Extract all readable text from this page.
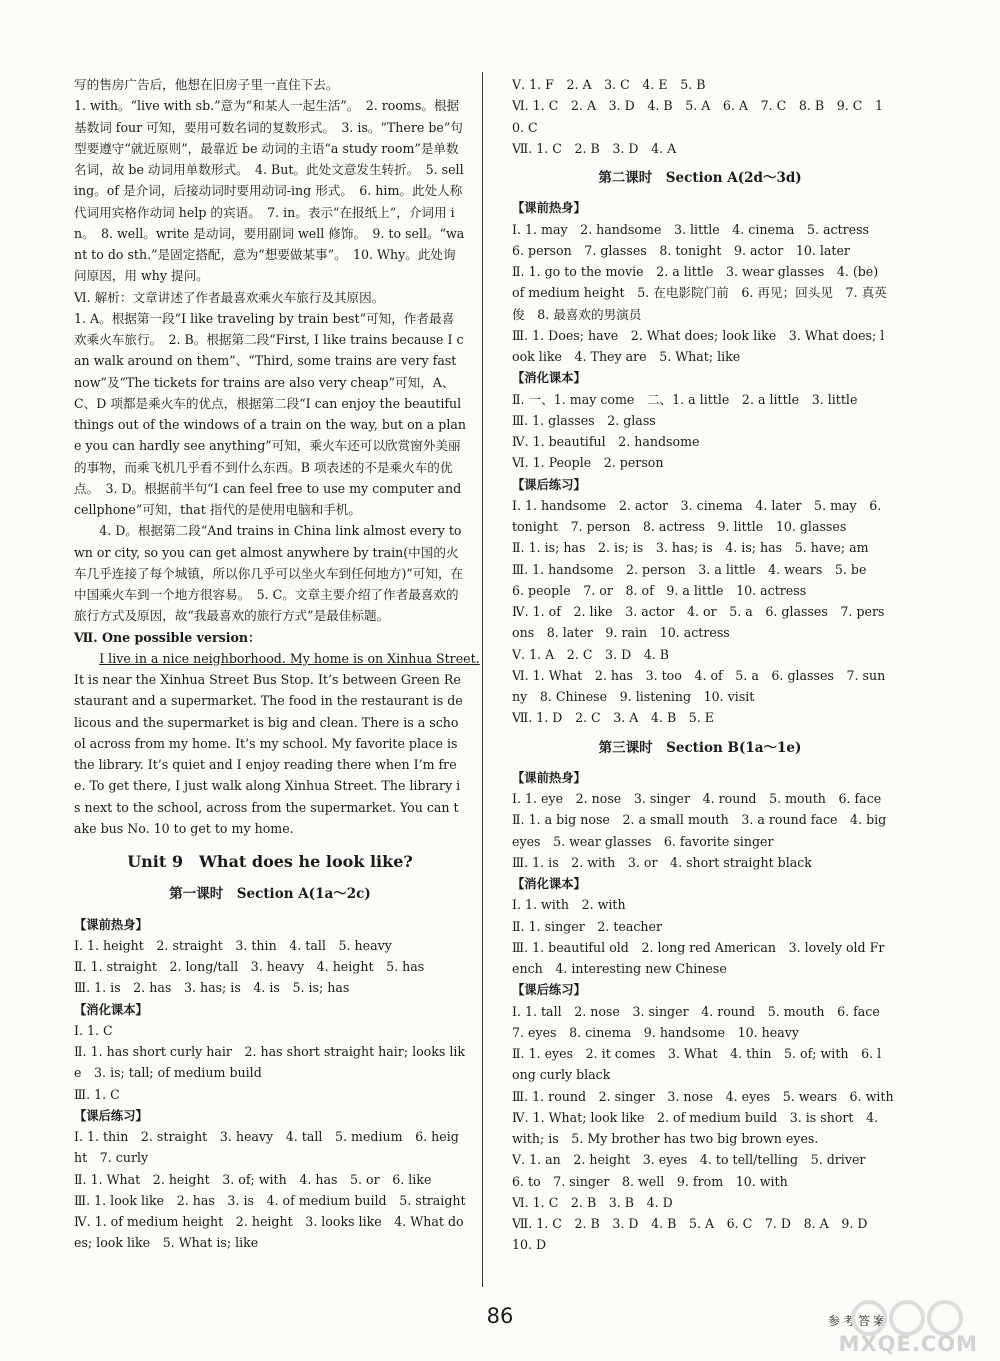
写的售房广告后，他想在旧房子里一直住下去。

1. with。“live with sb.”意为“和某人一起生活”。　2. rooms。根据基数词 four 可知，要用可数名词的复数形式。　3. is。“There be”句型要遵守“就近原则”，最靠近 be 动词的主语“a study room”是单数名词，故 be 动词用单数形式。　4. But。此处文意发生转折。　5. selling。of 是介词，后接动词时要用动词-ing 形式。　6. him。此处人称代词用宾格作动词 help 的宾语。　7. in。表示“在报纸上”，介词用 in。　8. well。write 是动词，要用副词 well 修饰。　9. to sell。“want to do sth.”是固定搭配，意为“想要做某事”。　10. Why。此处询问原因，用 why 提问。

Ⅵ. 解析：文章讲述了作者最喜欢乘火车旅行及其原因。

1. A。根据第一段“I like traveling by train best”可知，作者最喜欢乘火车旅行。　2. B。根据第二段“First, I like trains because I can walk around on them”、“Third, some trains are very fast now”及“The tickets for trains are also very cheap”可知，A、C、D 项都是乘火车的优点，根据第二段“I can enjoy the beautiful things out of the windows of a train on the way, but on a plane you can hardly see anything”可知，乘火车还可以欣赏窗外美丽的事物，而乘飞机几乎看不到什么东西。B 项表述的不是乘火车的优点。　3. D。根据前半句“I can feel free to use my computer and cellphone”可知，that 指代的是使用电脑和手机。

4. D。根据第二段“And trains in China link almost every town or city, so you can get almost anywhere by train(中国的火车几乎连接了每个城镇，所以你几乎可以坐火车到任何地方)”可知，在中国乘火车到一个地方很容易。　5. C。文章主要介绍了作者最喜欢的旅行方式及原因，故“我最喜欢的旅行方式”是最佳标题。

Ⅶ. One possible version：

I live in a nice neighborhood. My home is on Xinhua Street.

It is near the Xinhua Street Bus Stop. It’s between Green Restaurant and a supermarket. The food in the restaurant is delicous and the supermarket is big and clean. There is a school across from my home. It’s my school. My favorite place is the library. It’s quiet and I enjoy reading there when I’m free. To get there, I just walk along Xinhua Street. The library is next to the school, across from the supermarket. You can take bus No. 10 to get to my home.

Unit 9　What does he look like?
第一课时　Section A(1a～2c)

【课前热身】

Ⅰ. 1. height　2. straight　3. thin　4. tall　5. heavy

Ⅱ. 1. straight　2. long/tall　3. heavy　4. height　5. has

Ⅲ. 1. is　2. has　3. has; is　4. is　5. is; has

【消化课本】

Ⅰ. 1. C

Ⅱ. 1. has short curly hair　2. has short straight hair; looks like　3. is; tall; of medium build

Ⅲ. 1. C

【课后练习】

Ⅰ. 1. thin　2. straight　3. heavy　4. tall　5. medium　6. height　7. curly

Ⅱ. 1. What　2. height　3. of; with　4. has　5. or　6. like

Ⅲ. 1. look like　2. has　3. is　4. of medium build　5. straight

Ⅳ. 1. of medium height　2. height　3. looks like　4. What does; look like　5. What is; like

Ⅴ. 1. F　2. A　3. C　4. E　5. B

Ⅵ. 1. C　2. A　3. D　4. B　5. A　6. A　7. C　8. B　9. C　10. C

Ⅶ. 1. C　2. B　3. D　4. A

第二课时　Section A(2d～3d)

【课前热身】

Ⅰ. 1. may　2. handsome　3. little　4. cinema　5. actress　6. person　7. glasses　8. tonight　9. actor　10. later

Ⅱ. 1. go to the movie　2. a little　3. wear glasses　4. (be) of medium height　5. 在电影院门前　6. 再见；回头见　7. 真英俊　8. 最喜欢的男演员

Ⅲ. 1. Does; have　2. What does; look like　3. What does; look like　4. They are　5. What; like

【消化课本】

Ⅱ. 一、1. may come　二、1. a little　2. a little　3. little

Ⅲ. 1. glasses　2. glass

Ⅳ. 1. beautiful　2. handsome

Ⅵ. 1. People　2. person

【课后练习】

Ⅰ. 1. handsome　2. actor　3. cinema　4. later　5. may　6. tonight　7. person　8. actress　9. little　10. glasses

Ⅱ. 1. is; has　2. is; is　3. has; is　4. is; has　5. have; am

Ⅲ. 1. handsome　2. person　3. a little　4. wears　5. be　6. people　7. or　8. of　9. a little　10. actress

Ⅳ. 1. of　2. like　3. actor　4. or　5. a　6. glasses　7. persons　8. later　9. rain　10. actress

Ⅴ. 1. A　2. C　3. D　4. B

Ⅵ. 1. What　2. has　3. too　4. of　5. a　6. glasses　7. sunny　8. Chinese　9. listening　10. visit

Ⅶ. 1. D　2. C　3. A　4. B　5. E

第三课时　Section B(1a～1e)

【课前热身】

Ⅰ. 1. eye　2. nose　3. singer　4. round　5. mouth　6. face

Ⅱ. 1. a big nose　2. a small mouth　3. a round face　4. big eyes　5. wear glasses　6. favorite singer

Ⅲ. 1. is　2. with　3. or　4. short straight black

【消化课本】

Ⅰ. 1. with　2. with

Ⅱ. 1. singer　2. teacher

Ⅲ. 1. beautiful old　2. long red American　3. lovely old French　4. interesting new Chinese

【课后练习】

Ⅰ. 1. tall　2. nose　3. singer　4. round　5. mouth　6. face　7. eyes　8. cinema　9. handsome　10. heavy

Ⅱ. 1. eyes　2. it comes　3. What　4. thin　5. of; with　6. long curly black

Ⅲ. 1. round　2. singer　3. nose　4. eyes　5. wears　6. with

Ⅳ. 1. What; look like　2. of medium build　3. is short　4. with; is　5. My brother has two big brown eyes.

Ⅴ. 1. an　2. height　3. eyes　4. to tell/telling　5. driver　6. to　7. singer　8. well　9. from　10. with

Ⅵ. 1. C　2. B　3. B　4. D

Ⅶ. 1. C　2. B　3. D　4. B　5. A　6. C　7. D　8. A　9. D　10. D

86	参考答案
MXQE.COM
